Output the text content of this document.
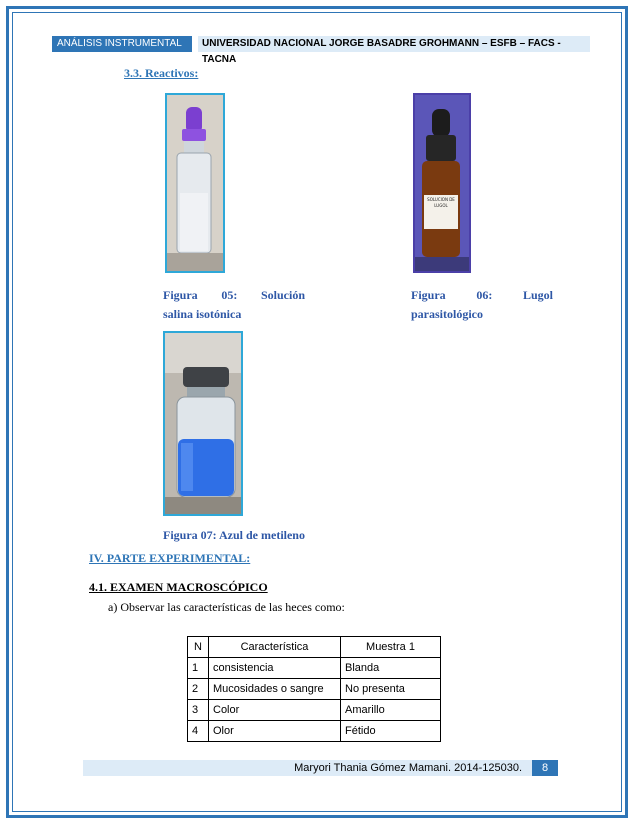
ANÁLISIS INSTRUMENTAL	UNIVERSIDAD NACIONAL JORGE BASADRE GROHMANN – ESFB – FACS - TACNA
3.3. Reactivos:
SOLUCION DE LUGOL
Figura 05: Solución
salina isotónica
Figura	06:	Lugol
parasitológico
Figura 07: Azul de metileno
IV. PARTE EXPERIMENTAL:
4.1. EXAMEN MACROSCÓPICO
a) Observar las características de las heces como:
N	Característica	Muestra 1
1	consistencia	Blanda
2	Mucosidades o sangre	No presenta
3	Color	Amarillo
4	Olor	Fétido
Maryori Thania Gómez Mamani. 2014-125030.	8
